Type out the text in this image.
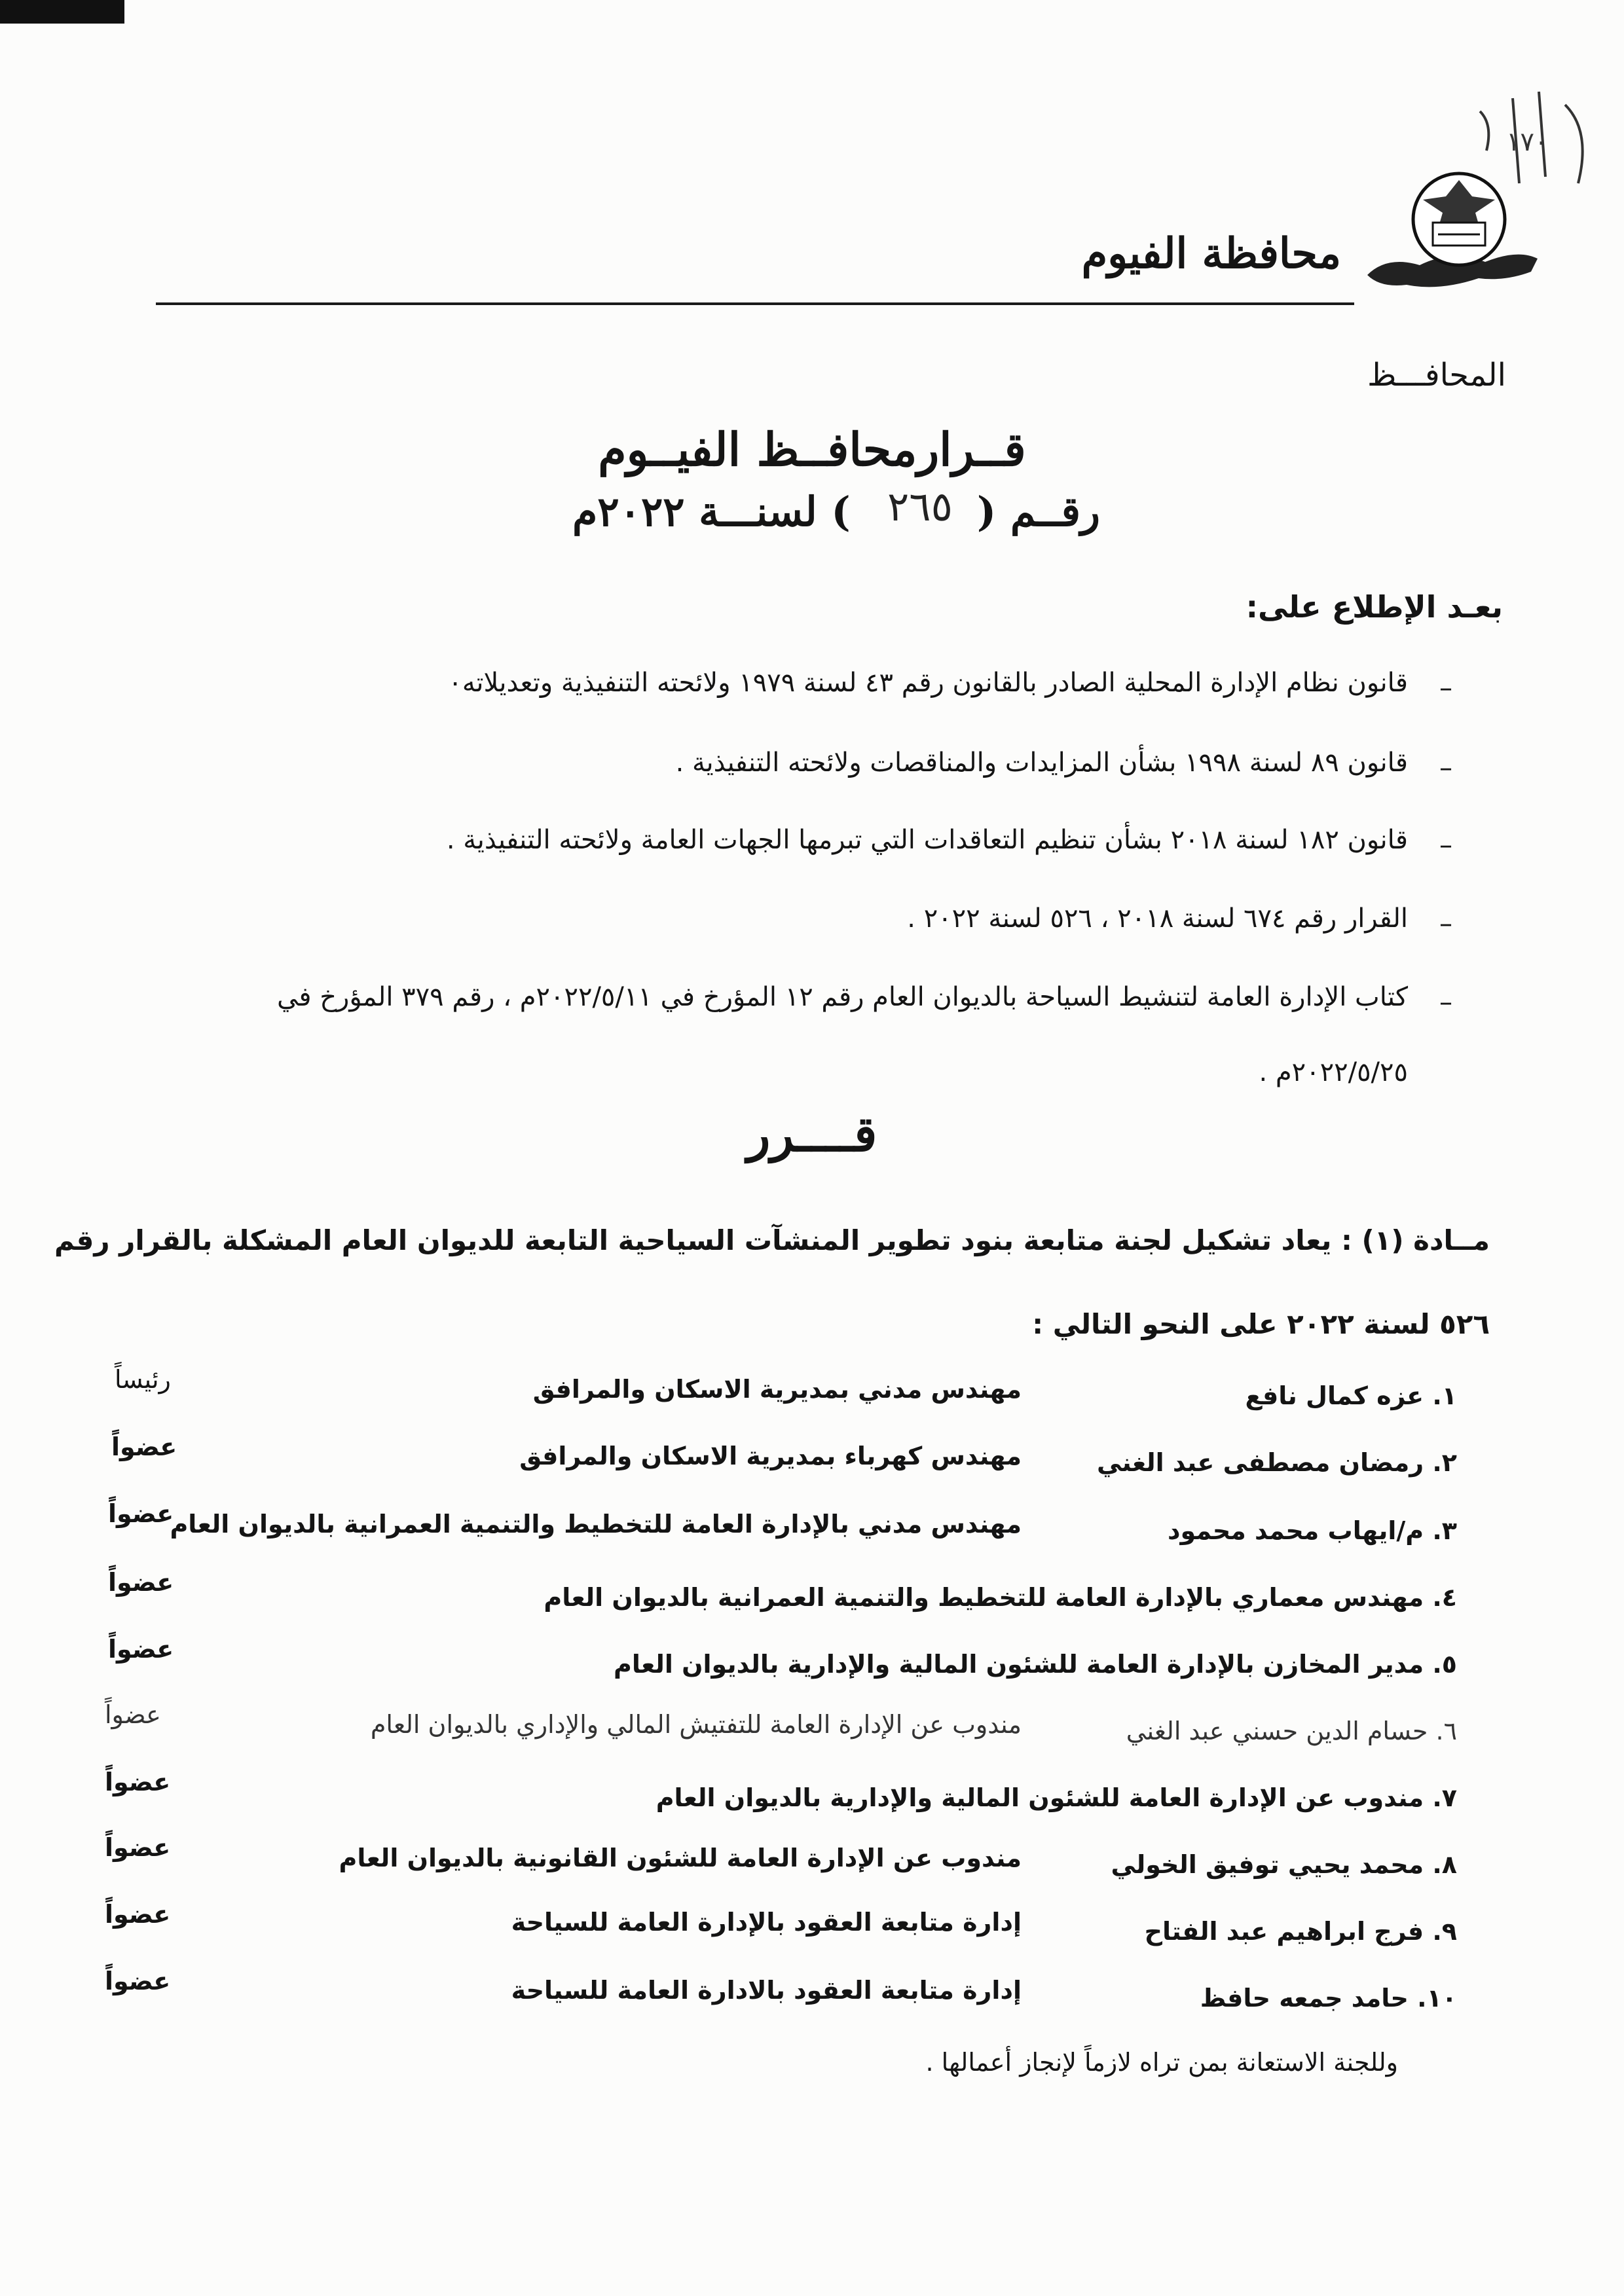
١٧٠
محافظة الفيوم
المحافـــظ
قــرارمحافــظ الفيــوم
رقــم (  ) لسنـــة ٢٠٢٢م ٢٦٥
بعـد الإطلاع على:
–
قانون نظام الإدارة المحلية الصادر بالقانون رقم ٤٣ لسنة ١٩٧٩ ولائحته التنفيذية وتعديلاته٠
–
قانون ٨٩ لسنة ١٩٩٨ بشأن المزايدات والمناقصات ولائحته التنفيذية .
–
قانون ١٨٢ لسنة ٢٠١٨ بشأن تنظيم التعاقدات التي تبرمها الجهات العامة ولائحته التنفيذية .
–
القرار رقم ٦٧٤ لسنة ٢٠١٨ ، ٥٢٦ لسنة ٢٠٢٢ .
–
كتاب الإدارة العامة لتنشيط السياحة بالديوان العام رقم ١٢ المؤرخ في ٢٠٢٢/٥/١١م ، رقم ٣٧٩ المؤرخ في
٢٠٢٢/٥/٢٥م .
قــــرر
مــادة (١) : يعاد تشكيل لجنة متابعة بنود تطوير المنشآت السياحية التابعة للديوان العام المشكلة بالقرار رقم
٥٢٦ لسنة ٢٠٢٢ على النحو التالي :
١. عزه كمال نافع
مهندس مدني بمديرية الاسكان والمرافق
رئيساً
٢. رمضان مصطفى عبد الغني
مهندس كهرباء بمديرية الاسكان والمرافق
عضواً
٣. م/ايهاب محمد محمود
مهندس مدني بالإدارة العامة للتخطيط والتنمية العمرانية بالديوان العام
عضواً
٤. مهندس معماري بالإدارة العامة للتخطيط والتنمية العمرانية بالديوان العام
عضواً
٥. مدير المخازن بالإدارة العامة للشئون المالية والإدارية بالديوان العام
عضواً
٦. حسام الدين حسني عبد الغني
مندوب عن الإدارة العامة للتفتيش المالي والإداري بالديوان العام
عضواً
٧. مندوب عن الإدارة العامة للشئون المالية والإدارية بالديوان العام
عضواً
٨. محمد يحيي توفيق الخولي
مندوب عن الإدارة العامة للشئون القانونية بالديوان العام
عضواً
٩. فرج ابراهيم عبد الفتاح
إدارة متابعة العقود بالإدارة العامة للسياحة
عضواً
١٠. حامد جمعه حافظ
إدارة متابعة العقود بالادارة العامة للسياحة
عضواً
وللجنة الاستعانة بمن تراه لازماً لإنجاز أعمالها .
